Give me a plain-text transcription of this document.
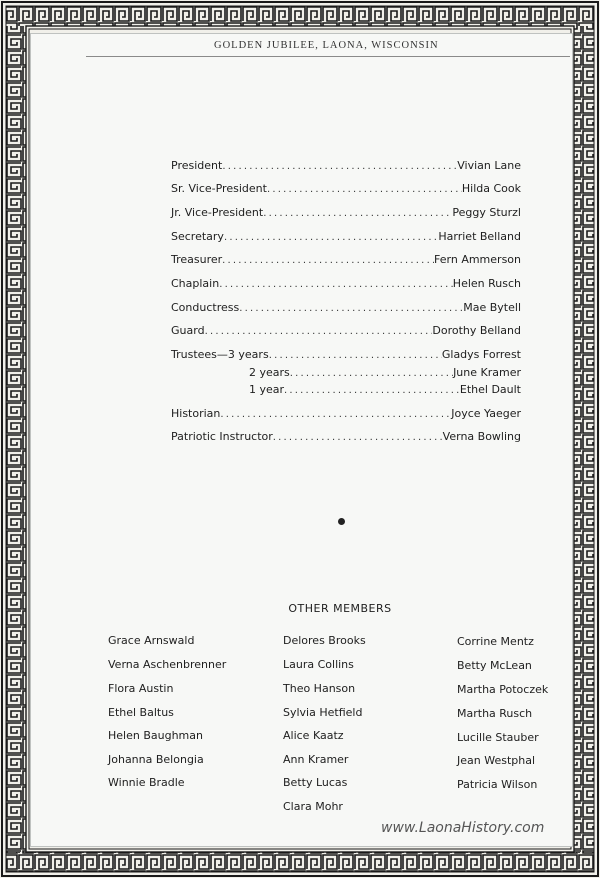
GOLDEN JUBILEE, LAONA, WISCONSIN
President .....	Vivian Lane
Sr. Vice-President .....	Hilda Cook
Jr. Vice-President .....	Peggy Sturzl
Secretary .....	Harriet Belland
Treasurer .....	Fern Ammerson
Chaplain .....	Helen Rusch
Conductress .....	Mae Bytell
Guard .....	Dorothy Belland
Trustees—3 years .....	Gladys Forrest
2 years .....	June Kramer
1 year .....	Ethel Dault
Historian .....	Joyce Yaeger
Patriotic Instructor .....	Verna Bowling
OTHER MEMBERS
Grace Arnswald
Verna Aschenbrenner
Flora Austin
Ethel Baltus
Helen Baughman
Johanna Belongia
Winnie Bradle
Delores Brooks
Laura Collins
Theo Hanson
Sylvia Hetfield
Alice Kaatz
Ann Kramer
Betty Lucas
Clara Mohr
Corrine Mentz
Betty McLean
Martha Potoczek
Martha Rusch
Lucille Stauber
Jean Westphal
Patricia Wilson
www.LaonaHistory.com
